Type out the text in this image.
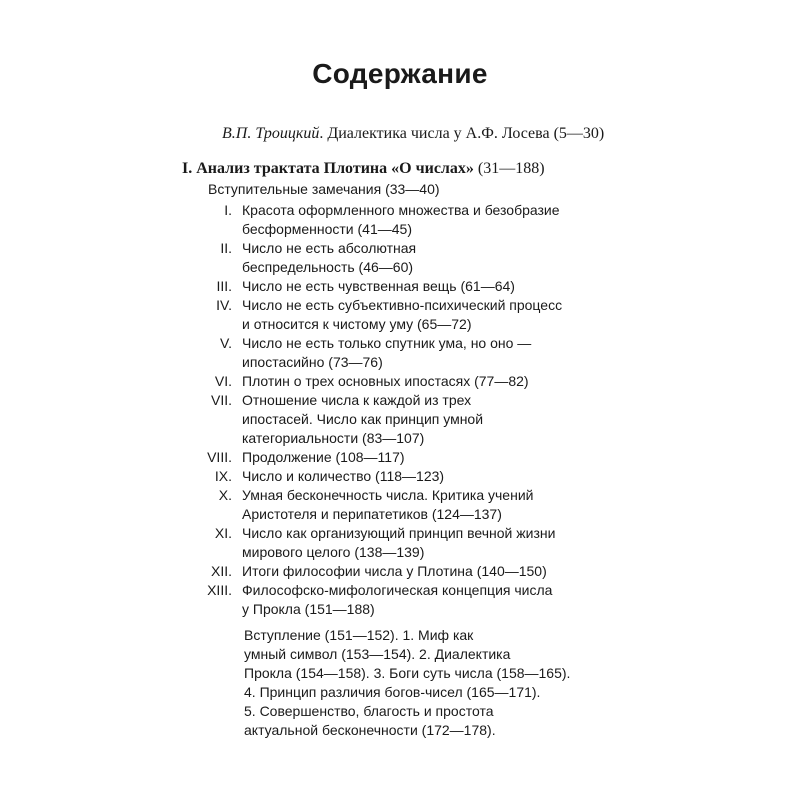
Содержание
В.П. Троицкий. Диалектика числа у А.Ф. Лосева (5—30)
I. Анализ трактата Плотина «О числах» (31—188)
Вступительные замечания (33—40)
I. Красота оформленного множества и безобразие
бесформенности (41—45)
II. Число не есть абсолютная
беспредельность (46—60)
III. Число не есть чувственная вещь (61—64)
IV. Число не есть субъективно-психический процесс
и относится к чистому уму (65—72)
V. Число не есть только спутник ума, но оно —
ипостасийно (73—76)
VI. Плотин о трех основных ипостасях (77—82)
VII. Отношение числа к каждой из трех
ипостасей. Число как принцип умной
категориальности (83—107)
VIII. Продолжение (108—117)
IX. Число и количество (118—123)
X. Умная бесконечность числа. Критика учений
Аристотеля и перипатетиков (124—137)
XI. Число как организующий принцип вечной жизни
мирового целого (138—139)
XII. Итоги философии числа у Плотина (140—150)
XIII. Философско-мифологическая концепция числа
у Прокла (151—188)
Вступление (151—152). 1. Миф как
умный символ (153—154). 2. Диалектика
Прокла (154—158). 3. Боги суть числа (158—165).
4. Принцип различия богов-чисел (165—171).
5. Совершенство, благость и простота
актуальной бесконечности (172—178).
